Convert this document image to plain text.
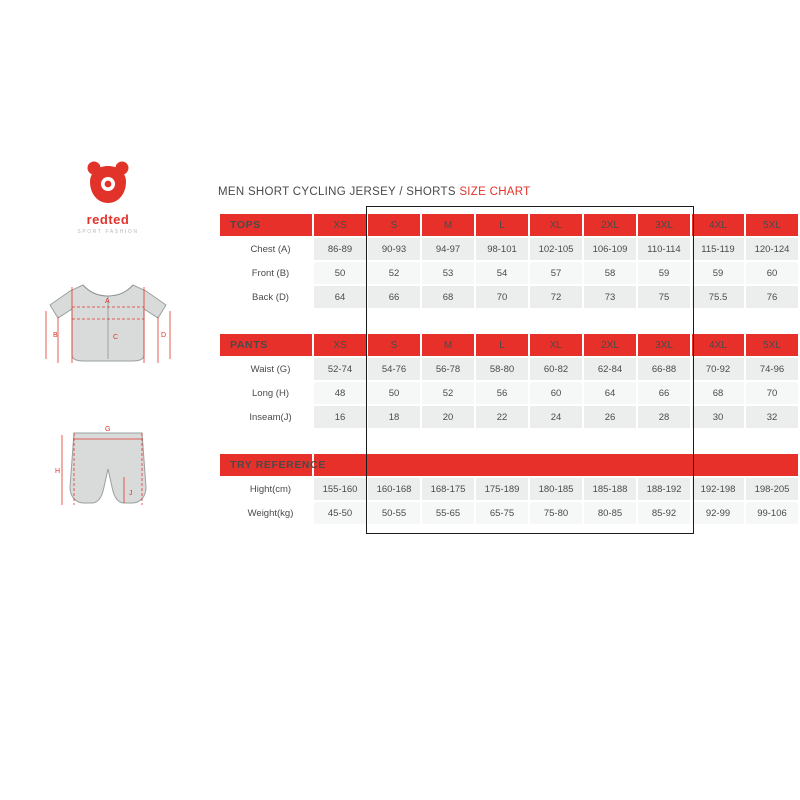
redted
SPORT FASHION
A
B	C	D
G
H
J
MEN SHORT CYCLING JERSEY / SHORTS SIZE CHART
TOPS	XS	S	M	L	XL	2XL	3XL	4XL	5XL
Chest (A)	86-89	90-93	94-97	98-101	102-105	106-109	110-114	115-119	120-124
Front (B)	50	52	53	54	57	58	59	59	60
Back (D)	64	66	68	70	72	73	75	75.5	76
PANTS	XS	S	M	L	XL	2XL	3XL	4XL	5XL
Waist (G)	52-74	54-76	56-78	58-80	60-82	62-84	66-88	70-92	74-96
Long (H)	48	50	52	56	60	64	66	68	70
Inseam(J)	16	18	20	22	24	26	28	30	32
TRY REFERENCE									
Hight(cm)	155-160	160-168	168-175	175-189	180-185	185-188	188-192	192-198	198-205
Weight(kg)	45-50	50-55	55-65	65-75	75-80	80-85	85-92	92-99	99-106
